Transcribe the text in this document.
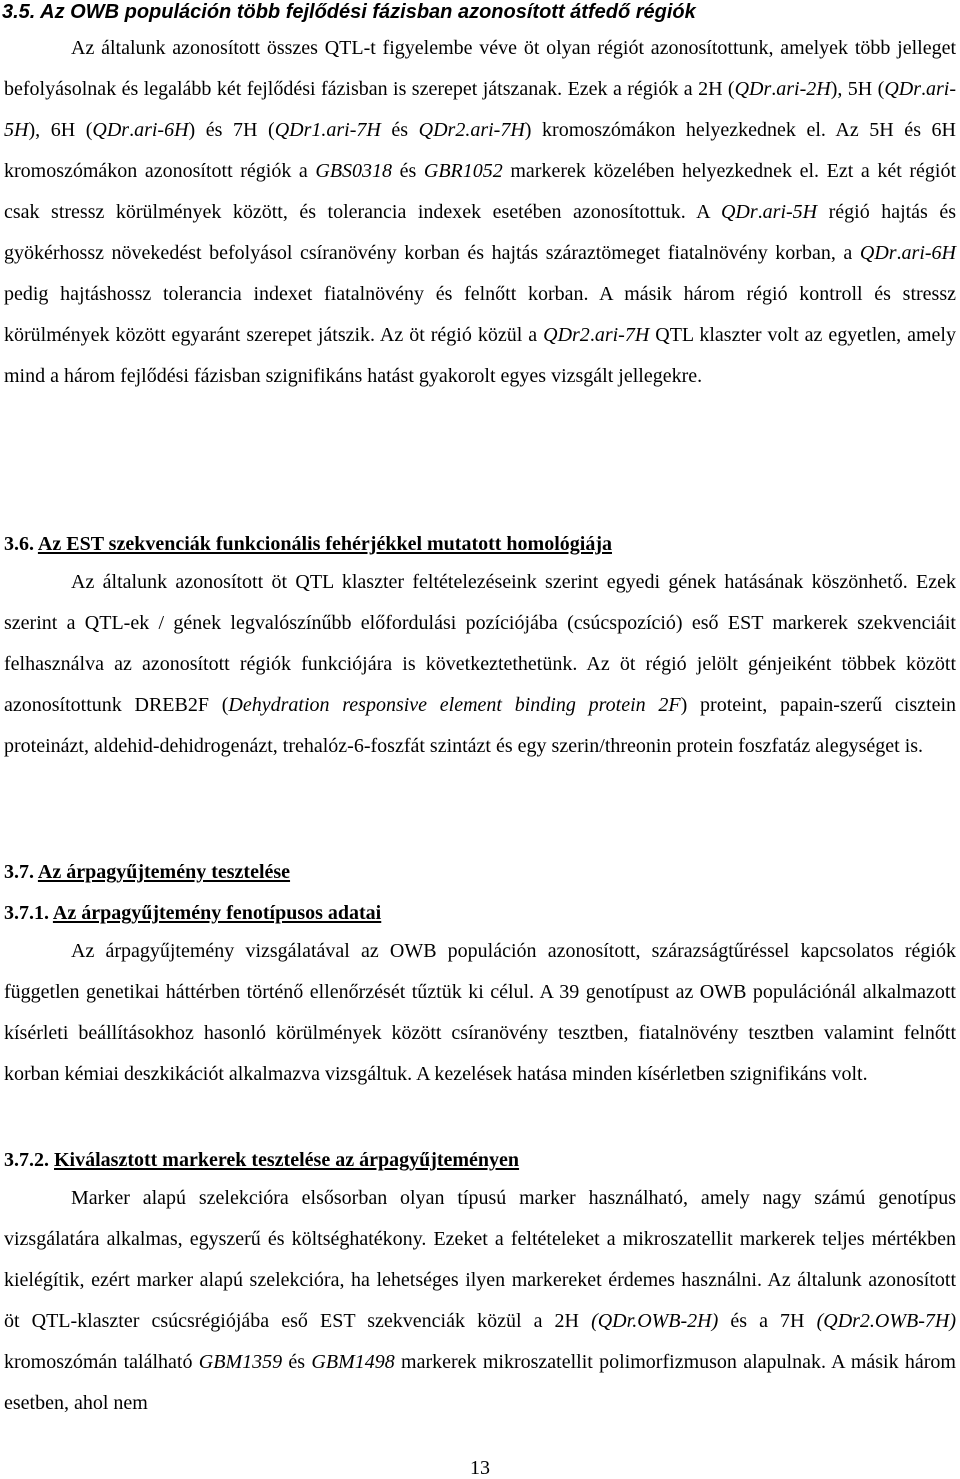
3.5. Az OWB populáción több fejlődési fázisban azonosított átfedő régiók

Az általunk azonosított összes QTL-t figyelembe véve öt olyan régiót azonosítottunk, amelyek több jelleget befolyásolnak és legalább két fejlődési fázisban is szerepet játszanak. Ezek a régiók a 2H (QDr.ari-2H), 5H (QDr.ari-5H), 6H (QDr.ari-6H) és 7H (QDr1.ari-7H és QDr2.ari-7H) kromoszómákon helyezkednek el. Az 5H és 6H kromoszómákon azonosított régiók a GBS0318 és GBR1052 markerek közelében helyezkednek el. Ezt a két régiót csak stressz körülmények között, és tolerancia indexek esetében azonosítottuk. A QDr.ari-5H régió hajtás és gyökérhossz növekedést befolyásol csíranövény korban és hajtás száraztömeget fiatalnövény korban, a QDr.ari-6H pedig hajtáshossz tolerancia indexet fiatalnövény és felnőtt korban. A másik három régió kontroll és stressz körülmények között egyaránt szerepet játszik. Az öt régió közül a QDr2.ari-7H QTL klaszter volt az egyetlen, amely mind a három fejlődési fázisban szignifikáns hatást gyakorolt egyes vizsgált jellegekre.

3.6. Az EST szekvenciák funkcionális fehérjékkel mutatott homológiája

Az általunk azonosított öt QTL klaszter feltételezéseink szerint egyedi gének hatásának köszönhető. Ezek szerint a QTL-ek / gének legvalószínűbb előfordulási pozíciójába (csúcspozíció) eső EST markerek szekvenciáit felhasználva az azonosított régiók funkciójára is következtethetünk. Az öt régió jelölt génjeiként többek között azonosítottunk DREB2F (Dehydration responsive element binding protein 2F) proteint, papain-szerű cisztein proteinázt, aldehid-dehidrogenázt, trehalóz-6-foszfát szintázt és egy szerin/threonin protein foszfatáz alegységet is.

3.7. Az árpagyűjtemény tesztelése
3.7.1. Az árpagyűjtemény fenotípusos adatai

Az árpagyűjtemény vizsgálatával az OWB populáción azonosított, szárazságtűréssel kapcsolatos régiók független genetikai háttérben történő ellenőrzését tűztük ki célul. A 39 genotípust az OWB populációnál alkalmazott kísérleti beállításokhoz hasonló körülmények között csíranövény tesztben, fiatalnövény tesztben valamint felnőtt korban kémiai deszkikációt alkalmazva vizsgáltuk. A kezelések hatása minden kísérletben szignifikáns volt.

3.7.2. Kiválasztott markerek tesztelése az árpagyűjteményen

Marker alapú szelekcióra elsősorban olyan típusú marker használható, amely nagy számú genotípus vizsgálatára alkalmas, egyszerű és költséghatékony. Ezeket a feltételeket a mikroszatellit markerek teljes mértékben kielégítik, ezért marker alapú szelekcióra, ha lehetséges ilyen markereket érdemes használni. Az általunk azonosított öt QTL-klaszter csúcsrégiójába eső EST szekvenciák közül a 2H (QDr.OWB-2H) és a 7H (QDr2.OWB-7H) kromoszómán található GBM1359 és GBM1498 markerek mikroszatellit polimorfizmuson alapulnak. A másik három esetben, ahol nem

13
